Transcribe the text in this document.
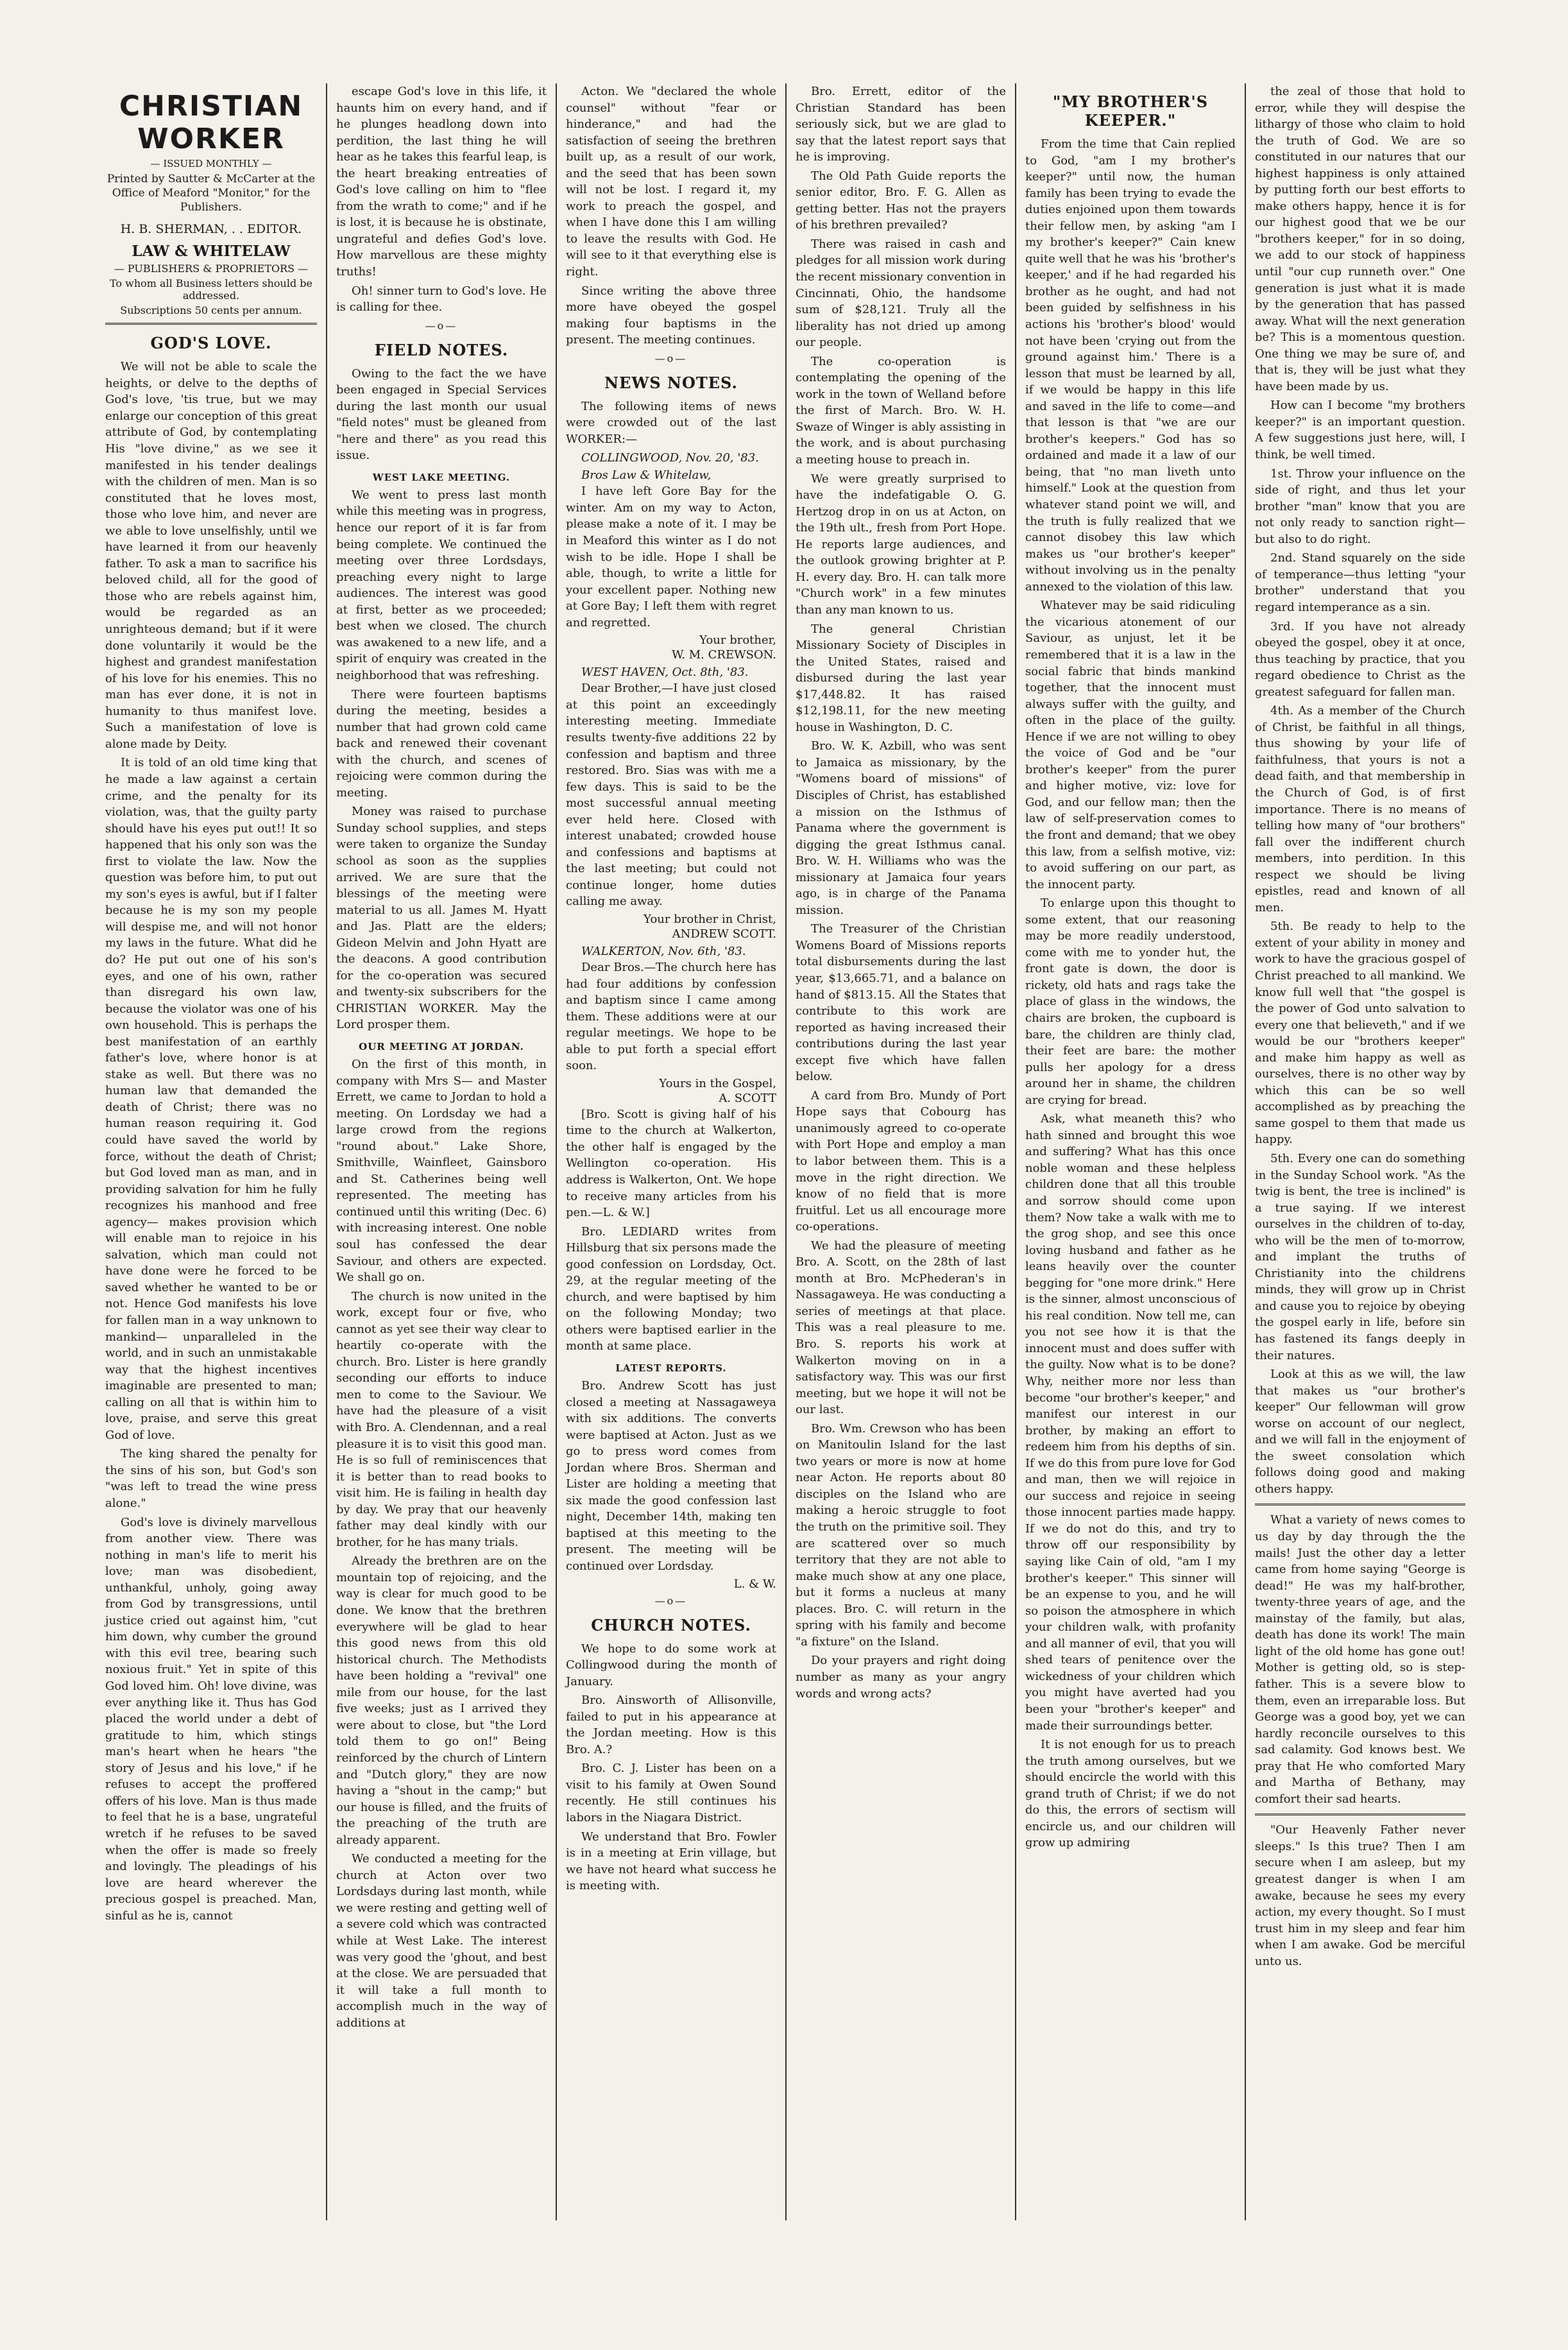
CHRISTIAN WORKER
— ISSUED MONTHLY —
Printed by Sautter & McCarter at the Office of Meaford "Monitor," for the Publishers.
H. B. SHERMAN, . . EDITOR.
LAW & WHITELAW
— PUBLISHERS & PROPRIETORS —
To whom all Business letters should be addressed.
Subscriptions 50 cents per annum.
GOD'S LOVE.

We will not be able to scale the heights, or delve to the depths of God's love, 'tis true, but we may enlarge our conception of this great attribute of God, by contemplating His "love divine," as we see it manifested in his tender dealings with the children of men. Man is so constituted that he loves most, those who love him, and never are we able to love unselfishly, until we have learned it from our heavenly father. To ask a man to sacrifice his beloved child, all for the good of those who are rebels against him, would be regarded as an unrighteous demand; but if it were done voluntarily it would be the highest and grandest manifestation of his love for his enemies. This no man has ever done, it is not in humanity to thus manifest love. Such a manifestation of love is alone made by Deity.

It is told of an old time king that he made a law against a certain crime, and the penalty for its violation, was, that the guilty party should have his eyes put out!! It so happened that his only son was the first to violate the law. Now the question was before him, to put out my son's eyes is awful, but if I falter because he is my son my people will despise me, and will not honor my laws in the future. What did he do? He put out one of his son's eyes, and one of his own, rather than disregard his own law, because the violator was one of his own household. This is perhaps the best manifestation of an earthly father's love, where honor is at stake as well. But there was no human law that demanded the death of Christ; there was no human reason requiring it. God could have saved the world by force, without the death of Christ; but God loved man as man, and in providing salvation for him he fully recognizes his manhood and free agency— makes provision which will enable man to rejoice in his salvation, which man could not have done were he forced to be saved whether he wanted to be or not. Hence God manifests his love for fallen man in a way unknown to mankind— unparalleled in the world, and in such an unmistakable way that the highest incentives imaginable are presented to man; calling on all that is within him to love, praise, and serve this great God of love.

The king shared the penalty for the sins of his son, but God's son "was left to tread the wine press alone."

God's love is divinely marvellous from another view. There was nothing in man's life to merit his love; man was disobedient, unthankful, unholy, going away from God by transgressions, until justice cried out against him, "cut him down, why cumber the ground with this evil tree, bearing such noxious fruit." Yet in spite of this God loved him. Oh! love divine, was ever anything like it. Thus has God placed the world under a debt of gratitude to him, which stings man's heart when he hears "the story of Jesus and his love," if he refuses to accept the proffered offers of his love. Man is thus made to feel that he is a base, ungrateful wretch if he refuses to be saved when the offer is made so freely and lovingly. The pleadings of his love are heard wherever the precious gospel is preached. Man, sinful as he is, cannot

escape God's love in this life, it haunts him on every hand, and if he plunges headlong down into perdition, the last thing he will hear as he takes this fearful leap, is the heart breaking entreaties of God's love calling on him to "flee from the wrath to come;" and if he is lost, it is because he is obstinate, ungrateful and defies God's love. How marvellous are these mighty truths!

Oh! sinner turn to God's love. He is calling for thee.

—o—
FIELD NOTES.

Owing to the fact the we have been engaged in Special Services during the last month our usual "field notes" must be gleaned from "here and there" as you read this issue.

WEST LAKE MEETING.

We went to press last month while this meeting was in progress, hence our report of it is far from being complete. We continued the meeting over three Lordsdays, preaching every night to large audiences. The interest was good at first, better as we proceeded; best when we closed. The church was awakened to a new life, and a spirit of enquiry was created in the neighborhood that was refreshing.

There were fourteen baptisms during the meeting, besides a number that had grown cold came back and renewed their covenant with the church, and scenes of rejoicing were common during the meeting.

Money was raised to purchase Sunday school supplies, and steps were taken to organize the Sunday school as soon as the supplies arrived. We are sure that the blessings of the meeting were material to us all. James M. Hyatt and Jas. Platt are the elders; Gideon Melvin and John Hyatt are the deacons. A good contribution for the co-operation was secured and twenty-six subscribers for the CHRISTIAN WORKER. May the Lord prosper them.

OUR MEETING AT JORDAN.

On the first of this month, in company with Mrs S— and Master Errett, we came to Jordan to hold a meeting. On Lordsday we had a large crowd from the regions "round about." Lake Shore, Smithville, Wainfleet, Gainsboro and St. Catherines being well represented. The meeting has continued until this writing (Dec. 6) with increasing interest. One noble soul has confessed the dear Saviour, and others are expected. We shall go on.

The church is now united in the work, except four or five, who cannot as yet see their way clear to heartily co-operate with the church. Bro. Lister is here grandly seconding our efforts to induce men to come to the Saviour. We have had the pleasure of a visit with Bro. A. Clendennan, and a real pleasure it is to visit this good man. He is so full of reminiscences that it is better than to read books to visit him. He is failing in health day by day. We pray that our heavenly father may deal kindly with our brother, for he has many trials.

Already the brethren are on the mountain top of rejoicing, and the way is clear for much good to be done. We know that the brethren everywhere will be glad to hear this good news from this old historical church. The Methodists have been holding a "revival" one mile from our house, for the last five weeks; just as I arrived they were about to close, but "the Lord told them to go on!" Being reinforced by the church of Lintern and "Dutch glory," they are now having a "shout in the camp;" but our house is filled, and the fruits of the preaching of the truth are already apparent.

We conducted a meeting for the church at Acton over two Lordsdays during last month, while we were resting and getting well of a severe cold which was contracted while at West Lake. The interest was very good the 'ghout, and best at the close. We are persuaded that it will take a full month to accomplish much in the way of additions at

Acton. We "declared the whole counsel" without "fear or hinderance," and had the satisfaction of seeing the brethren built up, as a result of our work, and the seed that has been sown will not be lost. I regard it, my work to preach the gospel, and when I have done this I am willing to leave the results with God. He will see to it that everything else is right.

Since writing the above three more have obeyed the gospel making four baptisms in the present. The meeting continues.

—o—
NEWS NOTES.

The following items of news were crowded out of the last WORKER:—

COLLINGWOOD, Nov. 20, '83.
Bros Law & Whitelaw,

I have left Gore Bay for the winter. Am on my way to Acton, please make a note of it. I may be in Meaford this winter as I do not wish to be idle. Hope I shall be able, though, to write a little for your excellent paper. Nothing new at Gore Bay; I left them with regret and regretted.

Your brother,
W. M. CREWSON.
WEST HAVEN, Oct. 8th, '83.

Dear Brother,—I have just closed at this point an exceedingly interesting meeting. Immediate results twenty-five additions 22 by confession and baptism and three restored. Bro. Sias was with me a few days. This is said to be the most successful annual meeting ever held here. Closed with interest unabated; crowded house and confessions and baptisms at the last meeting; but could not continue longer, home duties calling me away.

Your brother in Christ,
ANDREW SCOTT.
WALKERTON, Nov. 6th, '83.

Dear Bros.—The church here has had four additions by confession and baptism since I came among them. These additions were at our regular meetings. We hope to be able to put forth a special effort soon.

Yours in the Gospel,
A. SCOTT

[Bro. Scott is giving half of his time to the church at Walkerton, the other half is engaged by the Wellington co-operation. His address is Walkerton, Ont. We hope to receive many articles from his pen.—L. & W.]

Bro. LEDIARD writes from Hillsburg that six persons made the good confession on Lordsday, Oct. 29, at the regular meeting of the church, and were baptised by him on the following Monday; two others were baptised earlier in the month at same place.

LATEST REPORTS.

Bro. Andrew Scott has just closed a meeting at Nassagaweya with six additions. The converts were baptised at Acton. Just as we go to press word comes from Jordan where Bros. Sherman and Lister are holding a meeting that six made the good confession last night, December 14th, making ten baptised at this meeting to the present. The meeting will be continued over Lordsday.

L. & W.
—o—
CHURCH NOTES.

We hope to do some work at Collingwood during the month of January.

Bro. Ainsworth of Allisonville, failed to put in his appearance at the Jordan meeting. How is this Bro. A.?

Bro. C. J. Lister has been on a visit to his family at Owen Sound recently. He still continues his labors in the Niagara District.

We understand that Bro. Fowler is in a meeting at Erin village, but we have not heard what success he is meeting with.

Bro. Errett, editor of the Christian Standard has been seriously sick, but we are glad to say that the latest report says that he is improving.

The Old Path Guide reports the senior editor, Bro. F. G. Allen as getting better. Has not the prayers of his brethren prevailed?

There was raised in cash and pledges for all mission work during the recent missionary convention in Cincinnati, Ohio, the handsome sum of $28,121. Truly all the liberality has not dried up among our people.

The co-operation is contemplating the opening of the work in the town of Welland before the first of March. Bro. W. H. Swaze of Winger is ably assisting in the work, and is about purchasing a meeting house to preach in.

We were greatly surprised to have the indefatigable O. G. Hertzog drop in on us at Acton, on the 19th ult., fresh from Port Hope. He reports large audiences, and the outlook growing brighter at P. H. every day. Bro. H. can talk more "Church work" in a few minutes than any man known to us.

The general Christian Missionary Society of Disciples in the United States, raised and disbursed during the last year $17,448.82. It has raised $12,198.11, for the new meeting house in Washington, D. C.

Bro. W. K. Azbill, who was sent to Jamaica as missionary, by the "Womens board of missions" of Disciples of Christ, has established a mission on the Isthmus of Panama where the government is digging the great Isthmus canal. Bro. W. H. Williams who was the missionary at Jamaica four years ago, is in charge of the Panama mission.

The Treasurer of the Christian Womens Board of Missions reports total disbursements during the last year, $13,665.71, and a balance on hand of $813.15. All the States that contribute to this work are reported as having increased their contributions during the last year except five which have fallen below.

A card from Bro. Mundy of Port Hope says that Cobourg has unanimously agreed to co-operate with Port Hope and employ a man to labor between them. This is a move in the right direction. We know of no field that is more fruitful. Let us all encourage more co-operations.

We had the pleasure of meeting Bro. A. Scott, on the 28th of last month at Bro. McPhederan's in Nassagaweya. He was conducting a series of meetings at that place. This was a real pleasure to me. Bro. S. reports his work at Walkerton moving on in a satisfactory way. This was our first meeting, but we hope it will not be our last.

Bro. Wm. Crewson who has been on Manitoulin Island for the last two years or more is now at home near Acton. He reports about 80 disciples on the Island who are making a heroic struggle to foot the truth on the primitive soil. They are scattered over so much territory that they are not able to make much show at any one place, but it forms a nucleus at many places. Bro. C. will return in the spring with his family and become "a fixture" on the Island.

Do your prayers and right doing number as many as your angry words and wrong acts?

"MY BROTHER'S KEEPER."

From the time that Cain replied to God, "am I my brother's keeper?" until now, the human family has been trying to evade the duties enjoined upon them towards their fellow men, by asking "am I my brother's keeper?" Cain knew quite well that he was his 'brother's keeper,' and if he had regarded his brother as he ought, and had not been guided by selfishness in his actions his 'brother's blood' would not have been 'crying out from the ground against him.' There is a lesson that must be learned by all, if we would be happy in this life and saved in the life to come—and that lesson is that "we are our brother's keepers." God has so ordained and made it a law of our being, that "no man liveth unto himself." Look at the question from whatever stand point we will, and the truth is fully realized that we cannot disobey this law which makes us "our brother's keeper" without involving us in the penalty annexed to the violation of this law.

Whatever may be said ridiculing the vicarious atonement of our Saviour, as unjust, let it be remembered that it is a law in the social fabric that binds mankind together, that the innocent must always suffer with the guilty, and often in the place of the guilty. Hence if we are not willing to obey the voice of God and be "our brother's keeper" from the purer and higher motive, viz: love for God, and our fellow man; then the law of self-preservation comes to the front and demand; that we obey this law, from a selfish motive, viz: to avoid suffering on our part, as the innocent party.

To enlarge upon this thought to some extent, that our reasoning may be more readily understood, come with me to yonder hut, the front gate is down, the door is rickety, old hats and rags take the place of glass in the windows, the chairs are broken, the cupboard is bare, the children are thinly clad, their feet are bare: the mother pulls her apology for a dress around her in shame, the children are crying for bread.

Ask, what meaneth this? who hath sinned and brought this woe and suffering? What has this once noble woman and these helpless children done that all this trouble and sorrow should come upon them? Now take a walk with me to the grog shop, and see this once loving husband and father as he leans heavily over the counter begging for "one more drink." Here is the sinner, almost unconscious of his real condition. Now tell me, can you not see how it is that the innocent must and does suffer with the guilty. Now what is to be done? Why, neither more nor less than become "our brother's keeper," and manifest our interest in our brother, by making an effort to redeem him from his depths of sin. If we do this from pure love for God and man, then we will rejoice in our success and rejoice in seeing those innocent parties made happy. If we do not do this, and try to throw off our responsibility by saying like Cain of old, "am I my brother's keeper." This sinner will be an expense to you, and he will so poison the atmosphere in which your children walk, with profanity and all manner of evil, that you will shed tears of penitence over the wickedness of your children which you might have averted had you been your "brother's keeper" and made their surroundings better.

It is not enough for us to preach the truth among ourselves, but we should encircle the world with this grand truth of Christ; if we do not do this, the errors of sectism will encircle us, and our children will grow up admiring

the zeal of those that hold to error, while they will despise the lithargy of those who claim to hold the truth of God. We are so constituted in our natures that our highest happiness is only attained by putting forth our best efforts to make others happy, hence it is for our highest good that we be our "brothers keeper," for in so doing, we add to our stock of happiness until "our cup runneth over." One generation is just what it is made by the generation that has passed away. What will the next generation be? This is a momentous question. One thing we may be sure of, and that is, they will be just what they have been made by us.

How can I become "my brothers keeper?" is an important question. A few suggestions just here, will, I think, be well timed.

1st. Throw your influence on the side of right, and thus let your brother "man" know that you are not only ready to sanction right—but also to do right.

2nd. Stand squarely on the side of temperance—thus letting "your brother" understand that you regard intemperance as a sin.

3rd. If you have not already obeyed the gospel, obey it at once, thus teaching by practice, that you regard obedience to Christ as the greatest safeguard for fallen man.

4th. As a member of the Church of Christ, be faithful in all things, thus showing by your life of faithfulness, that yours is not a dead faith, and that membership in the Church of God, is of first importance. There is no means of telling how many of "our brothers" fall over the indifferent church members, into perdition. In this respect we should be living epistles, read and known of all men.

5th. Be ready to help to the extent of your ability in money and work to have the gracious gospel of Christ preached to all mankind. We know full well that "the gospel is the power of God unto salvation to every one that believeth," and if we would be our "brothers keeper" and make him happy as well as ourselves, there is no other way by which this can be so well accomplished as by preaching the same gospel to them that made us happy.

5th. Every one can do something in the Sunday School work. "As the twig is bent, the tree is inclined" is a true saying. If we interest ourselves in the children of to-day, who will be the men of to-morrow, and implant the truths of Christianity into the childrens minds, they will grow up in Christ and cause you to rejoice by obeying the gospel early in life, before sin has fastened its fangs deeply in their natures.

Look at this as we will, the law that makes us "our brother's keeper" Our fellowman will grow worse on account of our neglect, and we will fall in the enjoyment of the sweet consolation which follows doing good and making others happy.

What a variety of news comes to us day by day through the the mails! Just the other day a letter came from home saying "George is dead!" He was my half-brother, twenty-three years of age, and the mainstay of the family, but alas, death has done its work! The main light of the old home has gone out! Mother is getting old, so is step-father. This is a severe blow to them, even an irreparable loss. But George was a good boy, yet we can hardly reconcile ourselves to this sad calamity. God knows best. We pray that He who comforted Mary and Martha of Bethany, may comfort their sad hearts.

"Our Heavenly Father never sleeps." Is this true? Then I am secure when I am asleep, but my greatest danger is when I am awake, because he sees my every action, my every thought. So I must trust him in my sleep and fear him when I am awake. God be merciful unto us.
